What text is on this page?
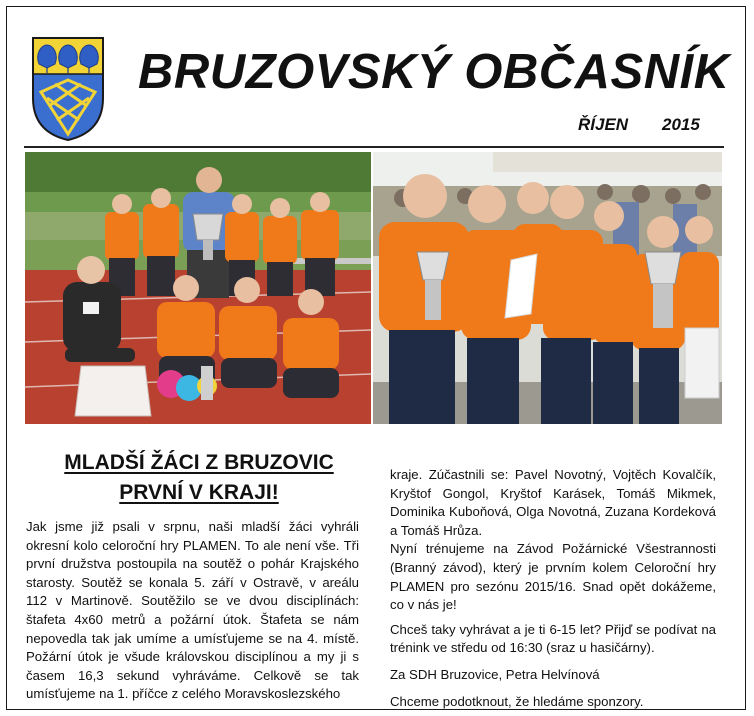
BRUZOVSKÝ OBČASNÍK
ŘÍJEN 2015
MLADŠÍ ŽÁCI Z BRUZOVIC
PRVNÍ V KRAJI!

Jak jsme již psali v srpnu, naši mladší žáci vyhráli okresní kolo celoroční hry PLAMEN. To ale není vše. Tři první družstva postoupila na soutěž o pohár Krajského starosty. Soutěž se konala 5. září v Ostravě, v areálu 112 v Martinově. Soutěžilo se ve dvou disciplínách: štafeta 4x60 metrů a požární útok. Štafeta se nám nepovedla tak jak umíme a umísťujeme se na 4. místě. Požární útok je všude královskou disciplínou a my ji s časem 16,3 sekund vyhráváme. Celkově se tak umísťujeme na 1. příčce z celého Moravskoslezského

kraje. Zúčastnili se: Pavel Novotný, Vojtěch Kovalčík, Kryštof Gongol, Kryštof Karásek, Tomáš Mikmek, Dominika Kuboňová, Olga Novotná, Zuzana Kordeková a Tomáš Hrůza.

Nyní trénujeme na Závod Požárnické Všestrannosti (Branný závod), který je prvním kolem Celoroční hry PLAMEN pro sezónu 2015/16. Snad opět dokážeme, co v nás je!

Chceš taky vyhrávat a je ti 6-15 let? Přijď se podívat na trénink ve středu od 16:30 (sraz u hasičárny).

Za SDH Bruzovice, Petra Helvínová

Chceme podotknout, že hledáme sponzory.
